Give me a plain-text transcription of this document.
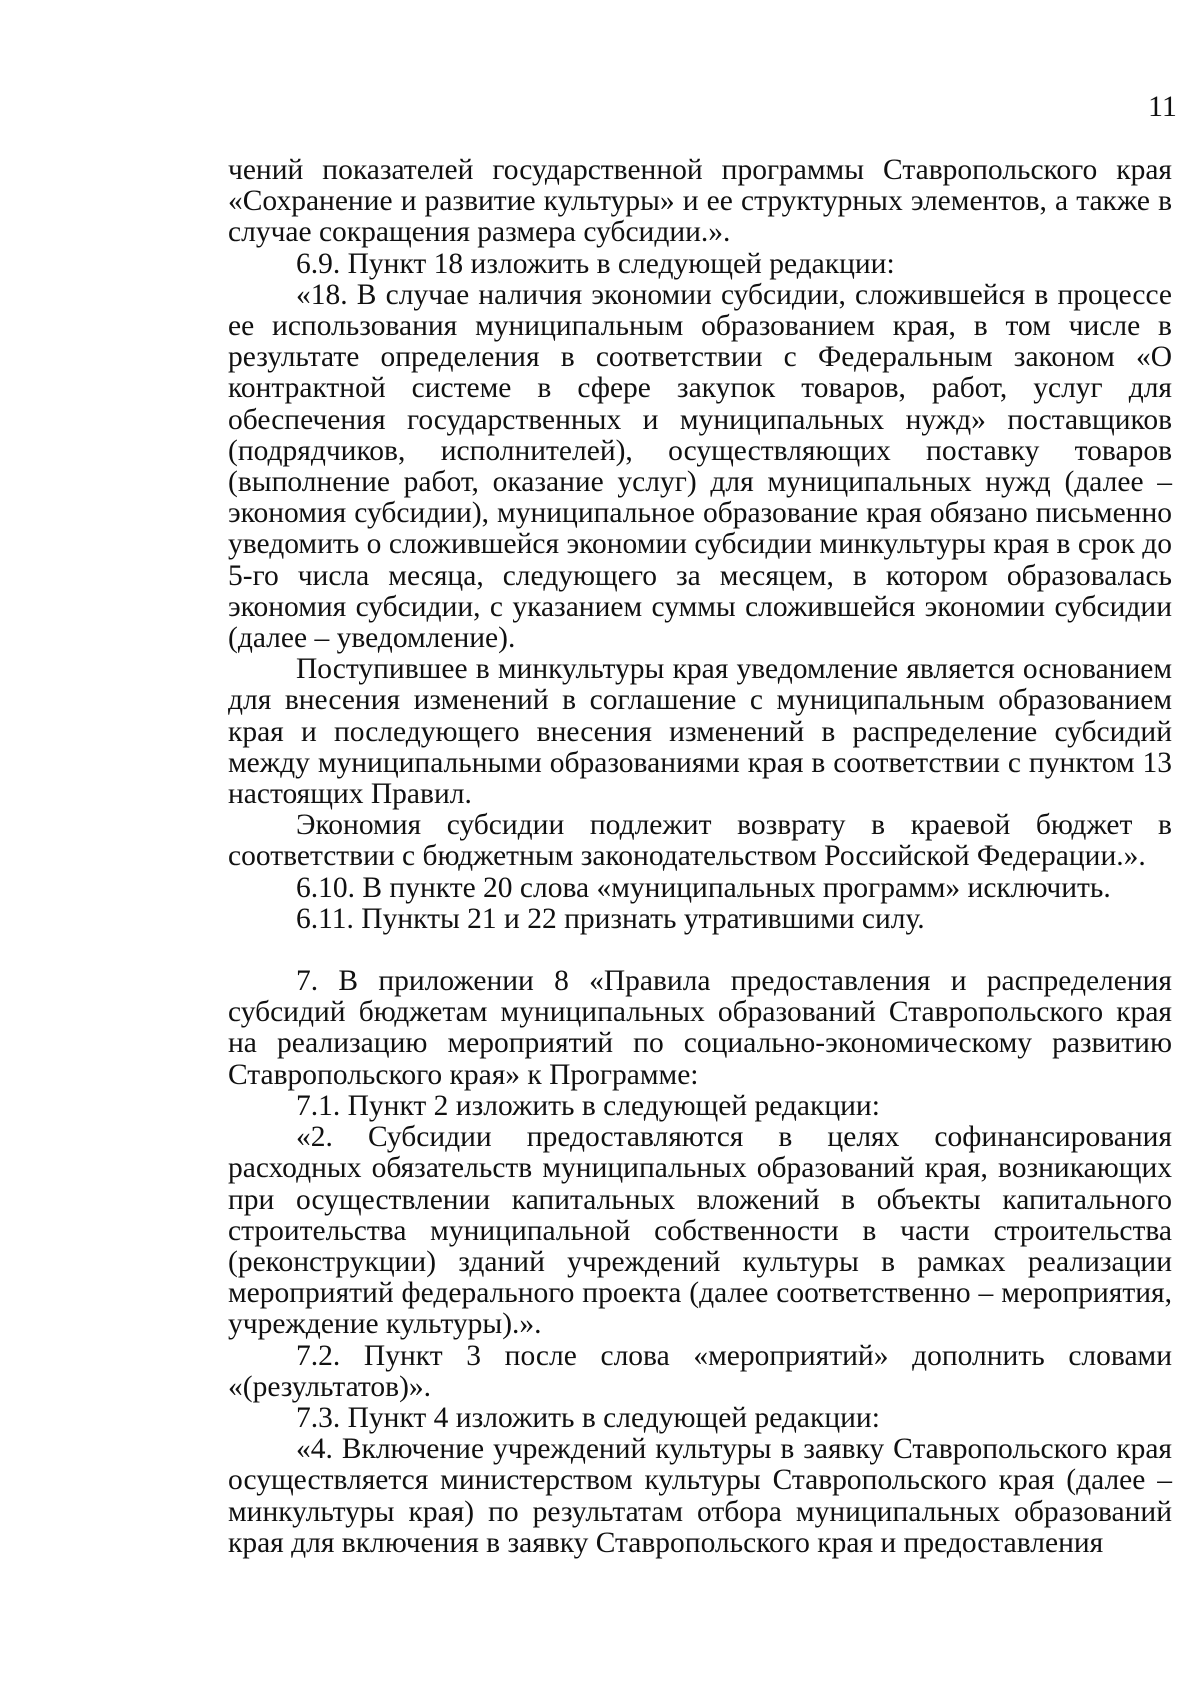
11

чений показателей государственной программы Ставропольского края «Сохранение и развитие культуры» и ее структурных элементов, а также в случае сокращения размера субсидии.».

6.9. Пункт 18 изложить в следующей редакции:

«18. В случае наличия экономии субсидии, сложившейся в процессе ее использования муниципальным образованием края, в том числе в результате определения в соответствии с Федеральным законом «О контрактной системе в сфере закупок товаров, работ, услуг для обеспечения государственных и муниципальных нужд» поставщиков (подрядчиков, исполнителей), осуществляющих поставку товаров (выполнение работ, оказание услуг) для муниципальных нужд (далее – экономия субсидии), муниципальное образование края обязано письменно уведомить о сложившейся экономии субсидии минкультуры края в срок до 5-го числа месяца, следующего за месяцем, в котором образовалась экономия субсидии, с указанием суммы сложившейся экономии субсидии (далее – уведомление).

Поступившее в минкультуры края уведомление является основанием для внесения изменений в соглашение с муниципальным образованием края и последующего внесения изменений в распределение субсидий между муниципальными образованиями края в соответствии с пунктом 13 настоящих Правил.

Экономия субсидии подлежит возврату в краевой бюджет в соответствии с бюджетным законодательством Российской Федерации.».

6.10. В пункте 20 слова «муниципальных программ» исключить.

6.11. Пункты 21 и 22 признать утратившими силу.

7. В приложении 8 «Правила предоставления и распределения субсидий бюджетам муниципальных образований Ставропольского края на реализацию мероприятий по социально-экономическому развитию Ставропольского края» к Программе:

7.1. Пункт 2 изложить в следующей редакции:

«2. Субсидии предоставляются в целях софинансирования расходных обязательств муниципальных образований края, возникающих при осуществлении капитальных вложений в объекты капитального строительства муниципальной собственности в части строительства (реконструкции) зданий учреждений культуры в рамках реализации мероприятий федерального проекта (далее соответственно – мероприятия, учреждение культуры).».

7.2. Пункт 3 после слова «мероприятий» дополнить словами «(результатов)».

7.3. Пункт 4 изложить в следующей редакции:

«4. Включение учреждений культуры в заявку Ставропольского края осуществляется министерством культуры Ставропольского края (далее – минкультуры края) по результатам отбора муниципальных образований края для включения в заявку Ставропольского края и предоставления
